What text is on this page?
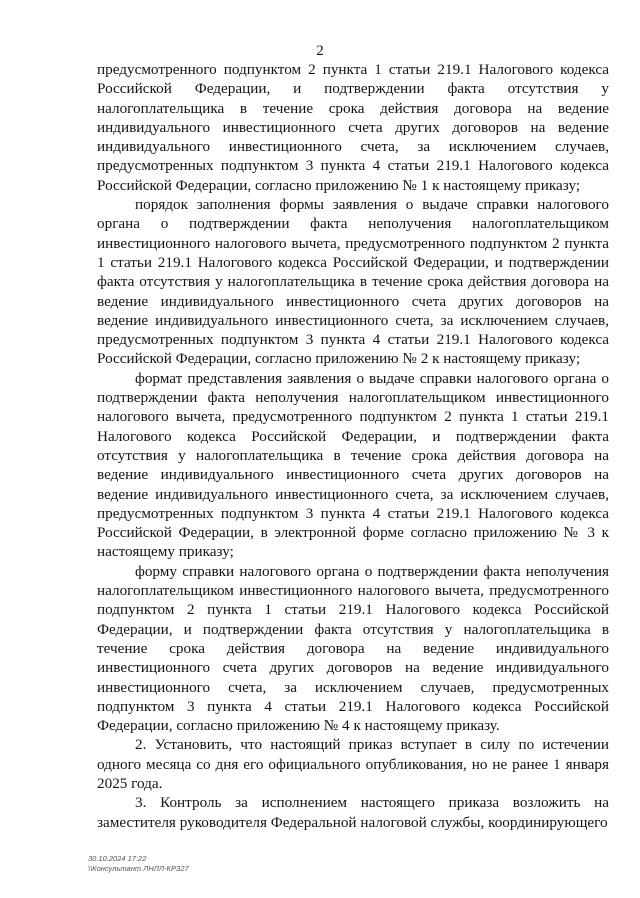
2

предусмотренного подпунктом 2 пункта 1 статьи 219.1 Налогового кодекса Российской Федерации, и подтверждении факта отсутствия у налогоплательщика в течение срока действия договора на ведение индивидуального инвестиционного счета других договоров на ведение индивидуального инвестиционного счета, за исключением случаев, предусмотренных подпунктом 3 пункта 4 статьи 219.1 Налогового кодекса Российской Федерации, согласно приложению № 1 к настоящему приказу;

порядок заполнения формы заявления о выдаче справки налогового органа о подтверждении факта неполучения налогоплательщиком инвестиционного налогового вычета, предусмотренного подпунктом 2 пункта 1 статьи 219.1 Налогового кодекса Российской Федерации, и подтверждении факта отсутствия у налогоплательщика в течение срока действия договора на ведение индивидуального инвестиционного счета других договоров на ведение индивидуального инвестиционного счета, за исключением случаев, предусмотренных подпунктом 3 пункта 4 статьи 219.1 Налогового кодекса Российской Федерации, согласно приложению № 2 к настоящему приказу;

формат представления заявления о выдаче справки налогового органа о подтверждении факта неполучения налогоплательщиком инвестиционного налогового вычета, предусмотренного подпунктом 2 пункта 1 статьи 219.1 Налогового кодекса Российской Федерации, и подтверждении факта отсутствия у налогоплательщика в течение срока действия договора на ведение индивидуального инвестиционного счета других договоров на ведение индивидуального инвестиционного счета, за исключением случаев, предусмотренных подпунктом 3 пункта 4 статьи 219.1 Налогового кодекса Российской Федерации, в электронной форме согласно приложению № 3 к настоящему приказу;

форму справки налогового органа о подтверждении факта неполучения налогоплательщиком инвестиционного налогового вычета, предусмотренного подпунктом 2 пункта 1 статьи 219.1 Налогового кодекса Российской Федерации, и подтверждении факта отсутствия у налогоплательщика в течение срока действия договора на ведение индивидуального инвестиционного счета других договоров на ведение индивидуального инвестиционного счета, за исключением случаев, предусмотренных подпунктом 3 пункта 4 статьи 219.1 Налогового кодекса Российской Федерации, согласно приложению № 4 к настоящему приказу.

2. Установить, что настоящий приказ вступает в силу по истечении одного месяца со дня его официального опубликования, но не ранее 1 января 2025 года.

3. Контроль за исполнением настоящего приказа возложить на заместителя руководителя Федеральной налоговой службы, координирующего

30.10.2024 17:22
\\Консультант ЛНЛЛ-КРЗ27
